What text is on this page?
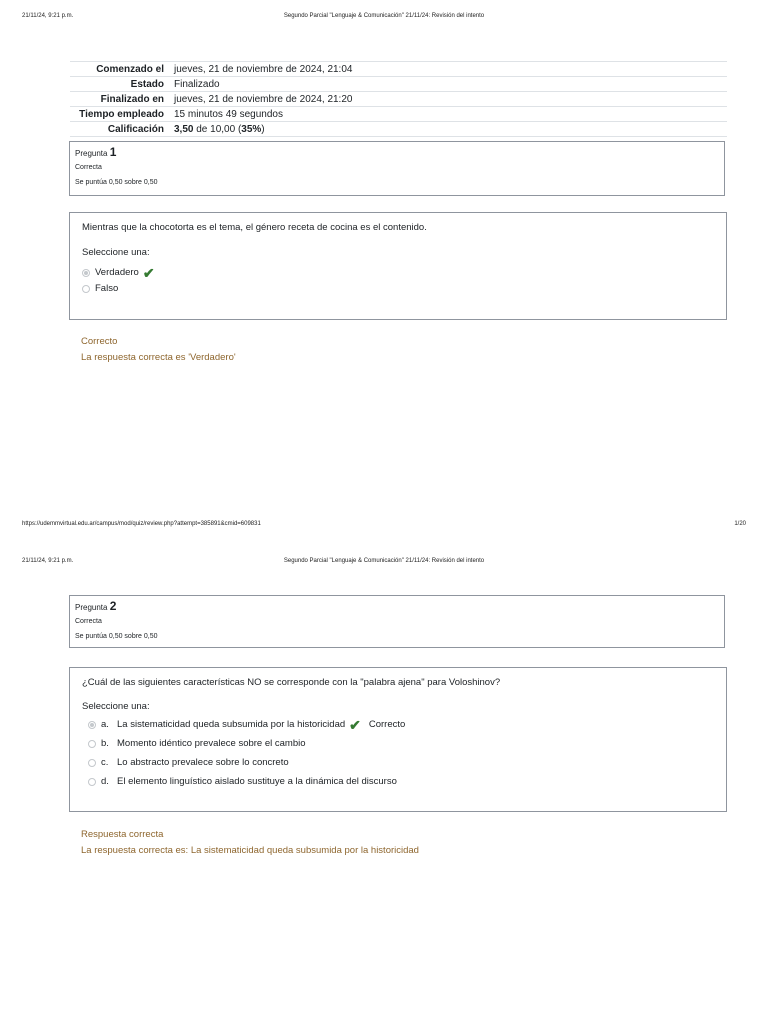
21/11/24, 9:21 p.m.	Segundo Parcial "Lenguaje & Comunicación" 21/11/24: Revisión del intento
Comenzado el	jueves, 21 de noviembre de 2024, 21:04
Estado	Finalizado
Finalizado en	jueves, 21 de noviembre de 2024, 21:20
Tiempo empleado	15 minutos 49 segundos
Calificación	3,50 de 10,00 (35%)
Pregunta 1
Correcta
Se puntúa 0,50 sobre 0,50
Mientras que la chocotorta es el tema, el género receta de cocina es el contenido.
Seleccione una:
Verdadero ✔
Falso
Correcto
La respuesta correcta es 'Verdadero'
https://udemmvirtual.edu.ar/campus/mod/quiz/review.php?attempt=385891&cmid=609831	1/20
21/11/24, 9:21 p.m.	Segundo Parcial "Lenguaje & Comunicación" 21/11/24: Revisión del intento
Pregunta 2
Correcta
Se puntúa 0,50 sobre 0,50
¿Cuál de las siguientes características NO se corresponde con la "palabra ajena" para Voloshinov?
Seleccione una:
a. La sistematicidad queda subsumida por la historicidad ✔ Correcto
b. Momento idéntico prevalece sobre el cambio
c. Lo abstracto prevalece sobre lo concreto
d. El elemento linguístico aislado sustituye a la dinámica del discurso
Respuesta correcta
La respuesta correcta es: La sistematicidad queda subsumida por la historicidad
